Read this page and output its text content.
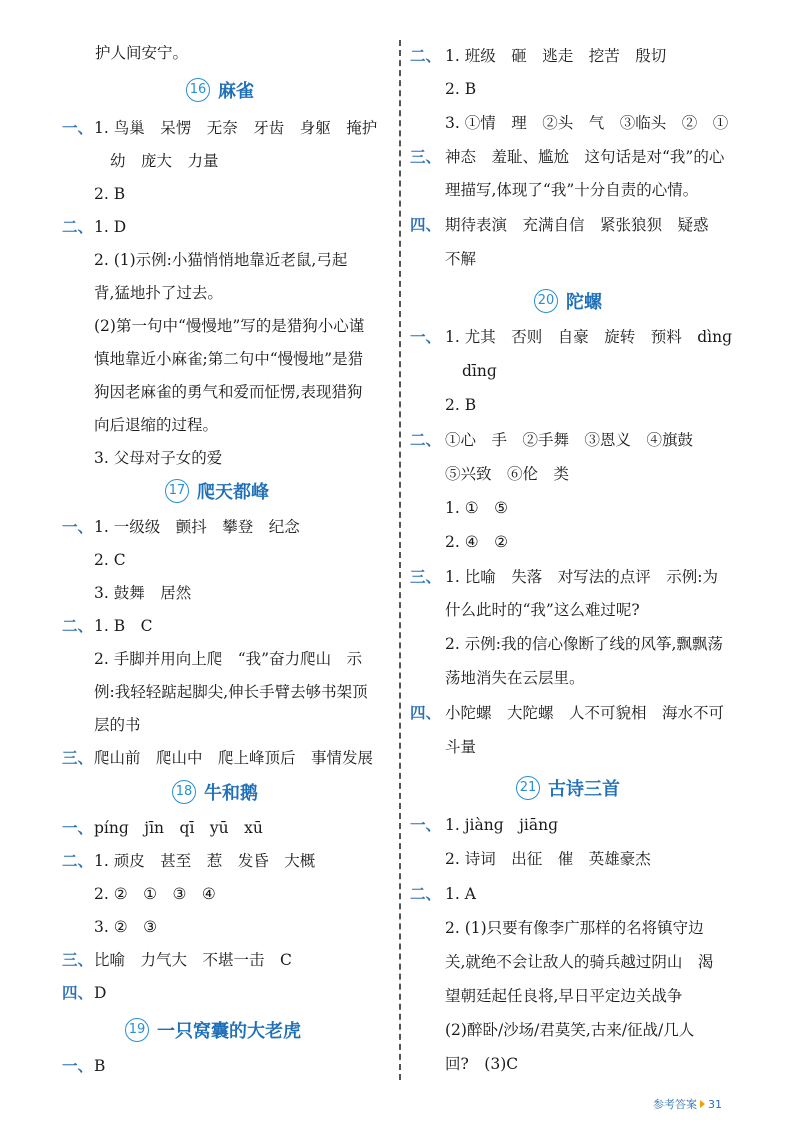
护人间安宁。
16 麻雀
一、 1. 鸟巢　呆愣　无奈　牙齿　身躯　掩护
幼　庞大　力量
2. B
二、 1. D
2. (1)示例:小猫悄悄地靠近老鼠,弓起
背,猛地扑了过去。
(2)第一句中“慢慢地”写的是猎狗小心谨
慎地靠近小麻雀;第二句中“慢慢地”是猎
狗因老麻雀的勇气和爱而怔愣,表现猎狗
向后退缩的过程。
3. 父母对子女的爱
17 爬天都峰
一、 1. 一级级　颤抖　攀登　纪念
2. C
3. 鼓舞　居然
二、 1. B　C
2. 手脚并用向上爬　“我”奋力爬山　示
例:我轻轻踮起脚尖,伸长手臂去够书架顶
层的书
三、 爬山前　爬山中　爬上峰顶后　事情发展
18 牛和鹅
一、 pínɡ　jīn　qī　yū　xū
二、 1. 顽皮　甚至　惹　发昏　大概
2. ②　①　③　④
3. ②　③
三、 比喻　力气大　不堪一击　C
四、 D
19 一只窝囊的大老虎
一、 B
二、 1. 班级　砸　逃走　挖苦　殷切
2. B
3. ①情　理　②头　气　③临头　②　①
三、 神态　羞耻、尴尬　这句话是对“我”的心
理描写,体现了“我”十分自责的心情。
四、 期待表演　充满自信　紧张狼狈　疑惑
不解
20 陀螺
一、 1. 尤其　否则　自豪　旋转　预料　dìnɡ
dīnɡ
2. B
二、 ①心　手　②手舞　③恩义　④旗鼓
⑤兴致　⑥伦　类
1. ①　⑤
2. ④　②
三、 1. 比喻　失落　对写法的点评　示例:为
什么此时的“我”这么难过呢?
2. 示例:我的信心像断了线的风筝,飘飘荡
荡地消失在云层里。
四、 小陀螺　大陀螺　人不可貌相　海水不可
斗量
21 古诗三首
一、 1. jiànɡ　jiānɡ
2. 诗词　出征　催　英雄豪杰
二、 1. A
2. (1)只要有像李广那样的名将镇守边
关,就绝不会让敌人的骑兵越过阴山　渴
望朝廷起任良将,早日平定边关战争
(2)醉卧/沙场/君莫笑,古来/征战/几人
回?　(3)C
参考答案 31
